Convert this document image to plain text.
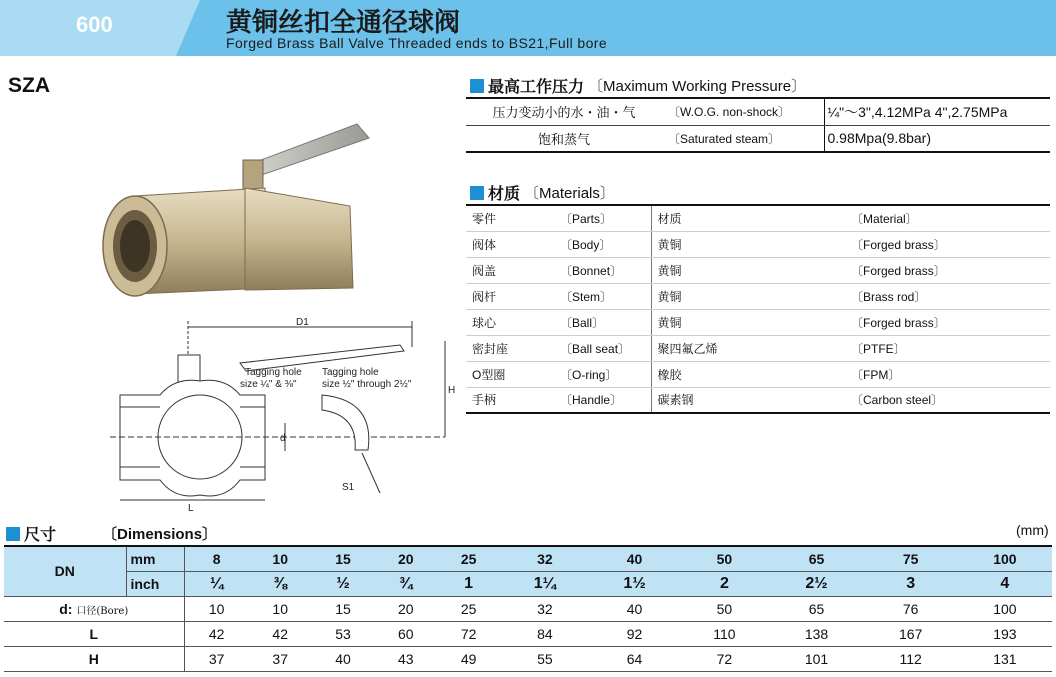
600	黄铜丝扣全通径球阀
Forged Brass Ball Valve Threaded ends to BS21,Full bore
SZA
D1
H
d
L
S1
Tagging hole
size ¼" & ⅜"
Tagging hole
size ½" through 2½"
最高工作压力 〔Maximum Working Pressure〕
压力变动小的水・油・气	〔W.O.G. non-shock〕	¼"～3",4.12MPa 4",2.75MPa
饱和蒸气	〔Saturated steam〕	0.98Mpa(9.8bar)
材质 〔Materials〕
零件	〔Parts〕	材质	〔Material〕
阀体	〔Body〕	黄铜	〔Forged brass〕
阀盖	〔Bonnet〕	黄铜	〔Forged brass〕
阀杆	〔Stem〕	黄铜	〔Brass rod〕
球心	〔Ball〕	黄铜	〔Forged brass〕
密封座	〔Ball seat〕	聚四氟乙烯	〔PTFE〕
O型圈	〔O-ring〕	橡胶	〔FPM〕
手柄	〔Handle〕	碳素钢	〔Carbon steel〕
尺寸	〔Dimensions〕	(mm)
DN	mm	8	10	15	20	25	32	40	50	65	75	100
	inch	¼	⅜	½	¾	1	1¼	1½	2	2½	3	4
d: 口径(Bore)		10	10	15	20	25	32	40	50	65	76	100
L		42	42	53	60	72	84	92	110	138	167	193
H		37	37	40	43	49	55	64	72	101	112	131
